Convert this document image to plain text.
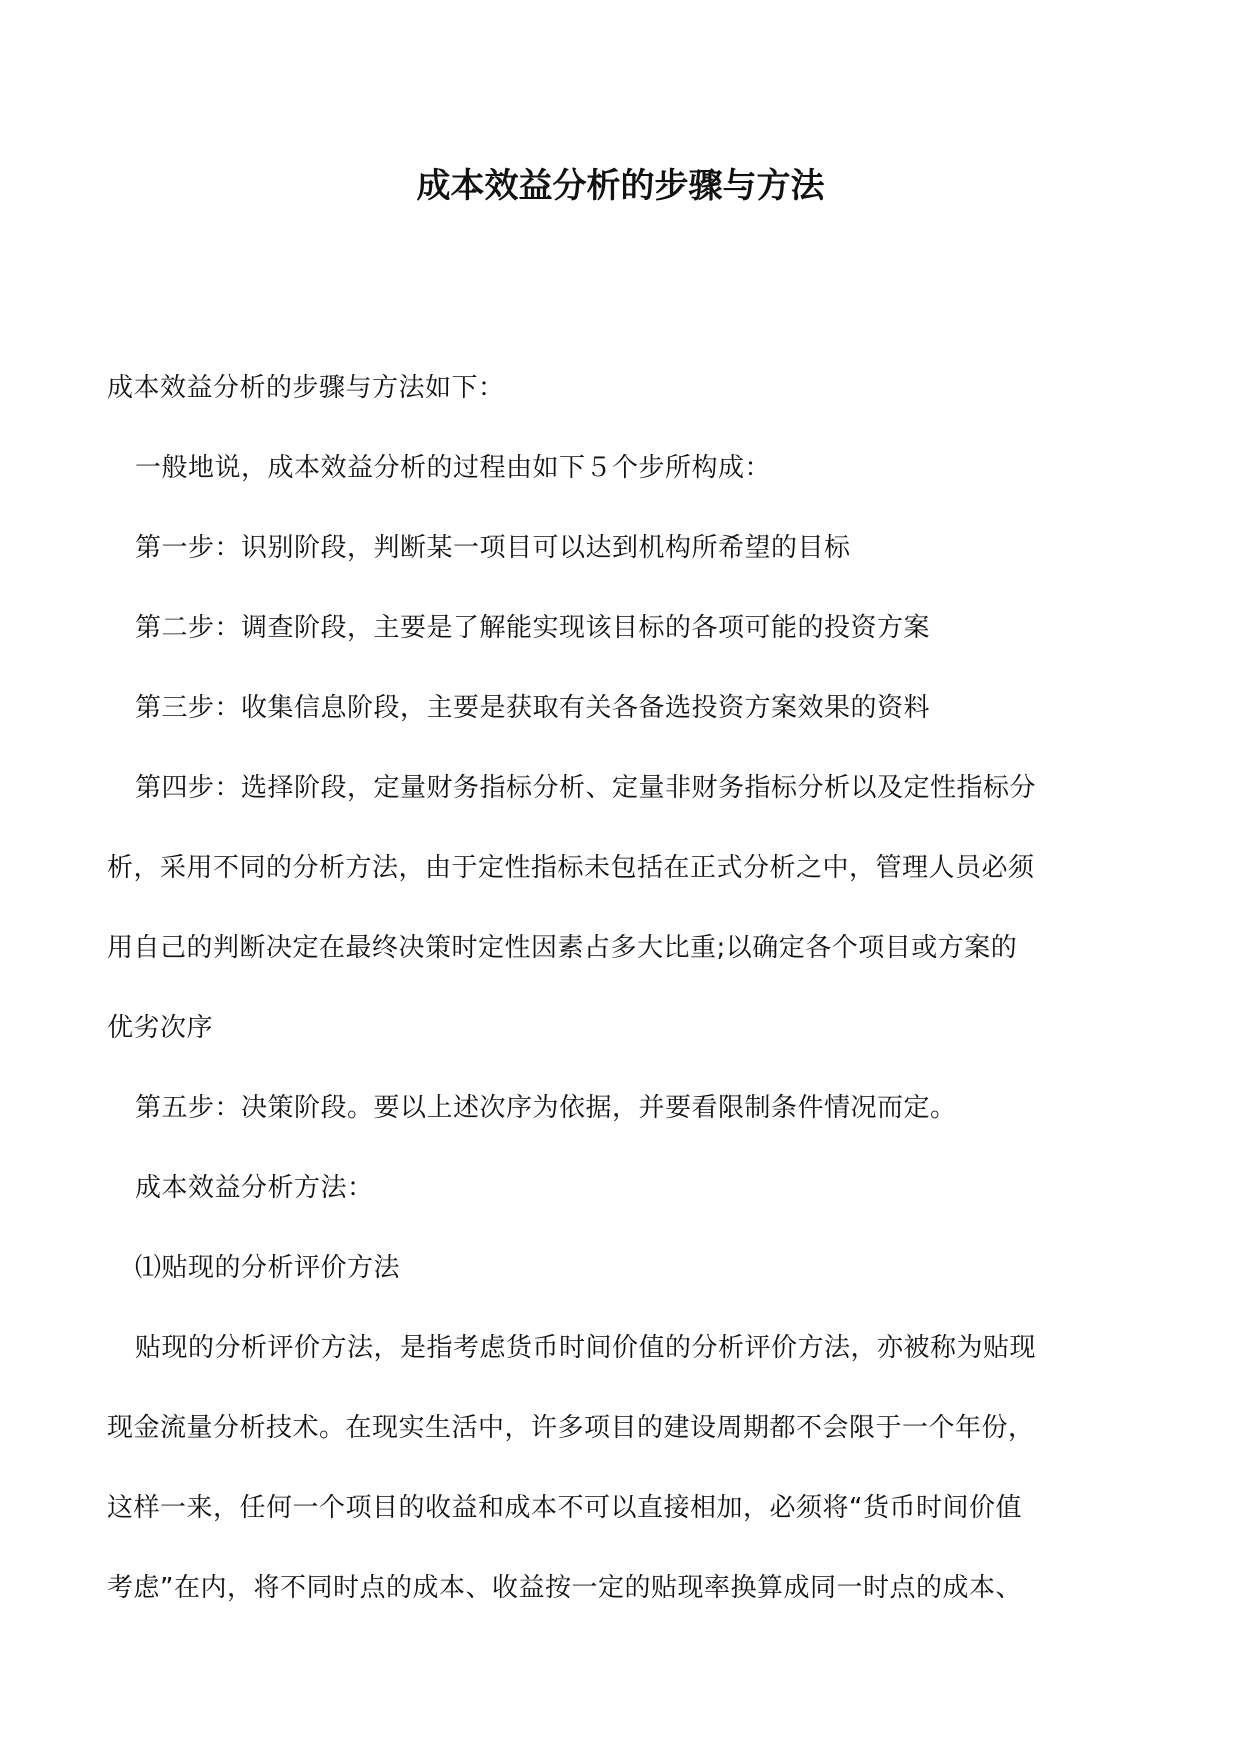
成本效益分析的步骤与方法

成本效益分析的步骤与方法如下：

一般地说，成本效益分析的过程由如下５个步所构成：

第一步：识别阶段，判断某一项目可以达到机构所希望的目标

第二步：调查阶段，主要是了解能实现该目标的各项可能的投资方案

第三步：收集信息阶段，主要是获取有关各备选投资方案效果的资料

第四步：选择阶段，定量财务指标分析、定量非财务指标分析以及定性指标分

析，采用不同的分析方法，由于定性指标未包括在正式分析之中，管理人员必须

用自己的判断决定在最终决策时定性因素占多大比重;以确定各个项目或方案的

优劣次序

第五步：决策阶段。要以上述次序为依据，并要看限制条件情况而定。

成本效益分析方法：

⑴贴现的分析评价方法

贴现的分析评价方法，是指考虑货币时间价值的分析评价方法，亦被称为贴现

现金流量分析技术。在现实生活中，许多项目的建设周期都不会限于一个年份，

这样一来，任何一个项目的收益和成本不可以直接相加，必须将“货币时间价值

考虑”在内，将不同时点的成本、收益按一定的贴现率换算成同一时点的成本、
